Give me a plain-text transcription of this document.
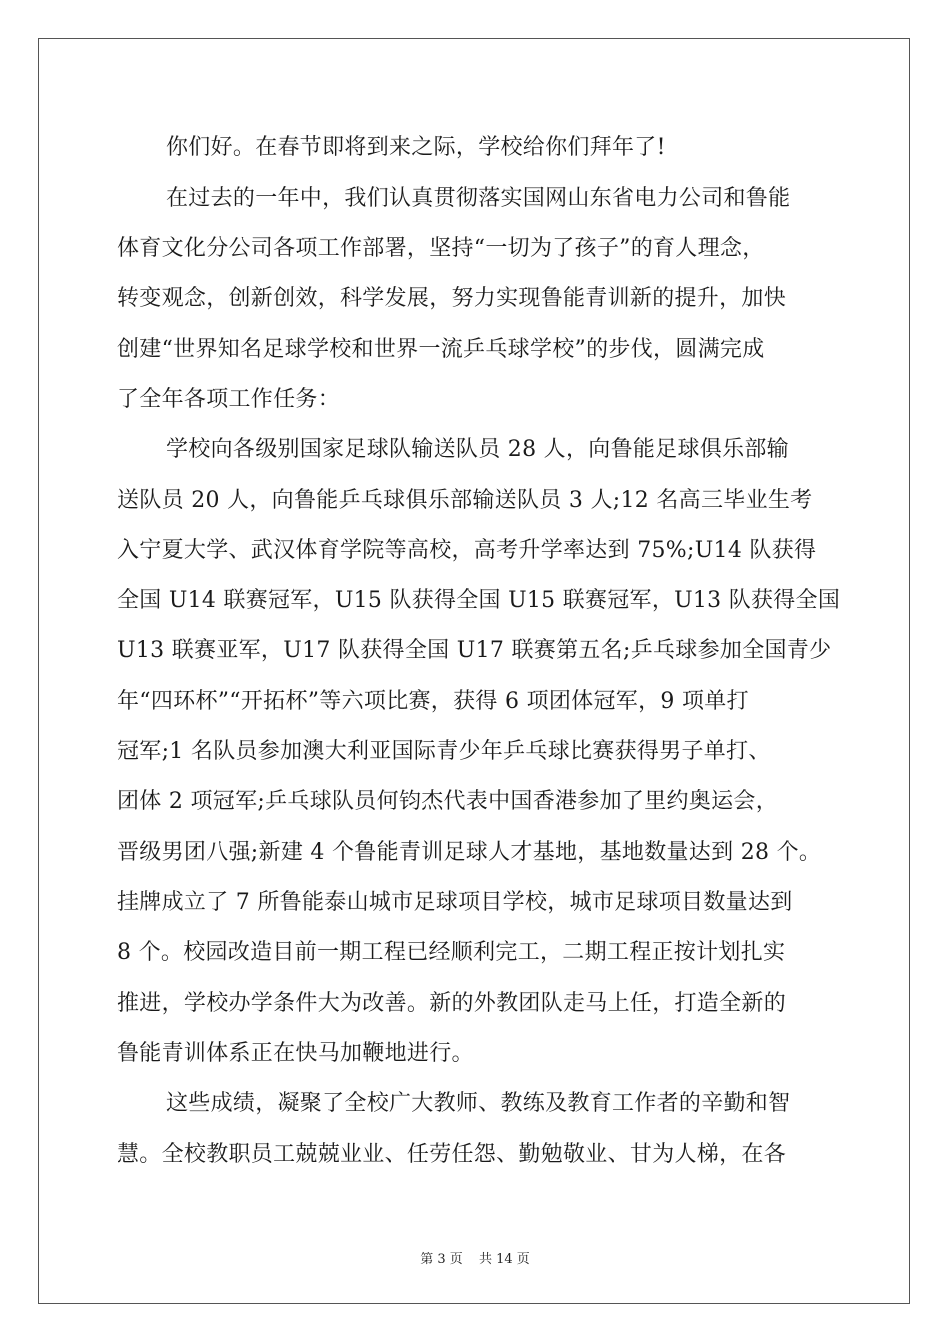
你们好。在春节即将到来之际，学校给你们拜年了!
在过去的一年中，我们认真贯彻落实国网山东省电力公司和鲁能
体育文化分公司各项工作部署，坚持“一切为了孩子”的育人理念，
转变观念，创新创效，科学发展，努力实现鲁能青训新的提升，加快
创建“世界知名足球学校和世界一流乒乓球学校”的步伐，圆满完成
了全年各项工作任务：
学校向各级别国家足球队输送队员 28 人，向鲁能足球俱乐部输
送队员 20 人，向鲁能乒乓球俱乐部输送队员 3 人;12 名高三毕业生考
入宁夏大学、武汉体育学院等高校，高考升学率达到 75%;U14 队获得
全国 U14 联赛冠军，U15 队获得全国 U15 联赛冠军，U13 队获得全国
U13 联赛亚军，U17 队获得全国 U17 联赛第五名;乒乓球参加全国青少
年“四环杯”“开拓杯”等六项比赛，获得 6 项团体冠军，9 项单打
冠军;1 名队员参加澳大利亚国际青少年乒乓球比赛获得男子单打、
团体 2 项冠军;乒乓球队员何钧杰代表中国香港参加了里约奥运会，
晋级男团八强;新建 4 个鲁能青训足球人才基地，基地数量达到 28 个。
挂牌成立了 7 所鲁能泰山城市足球项目学校，城市足球项目数量达到
8 个。校园改造目前一期工程已经顺利完工，二期工程正按计划扎实
推进，学校办学条件大为改善。新的外教团队走马上任，打造全新的
鲁能青训体系正在快马加鞭地进行。
这些成绩，凝聚了全校广大教师、教练及教育工作者的辛勤和智
慧。全校教职员工兢兢业业、任劳任怨、勤勉敬业、甘为人梯，在各
第 3 页 共 14 页
